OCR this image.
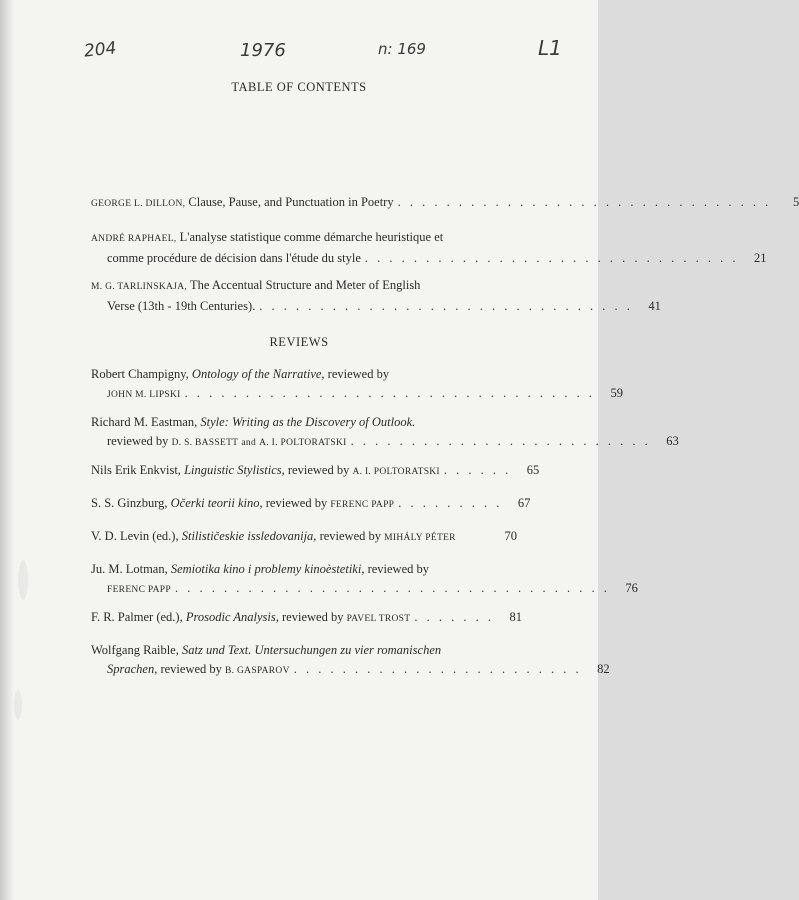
204	1976	n: 169	L1
TABLE OF CONTENTS
GEORGE L. DILLON, Clause, Pause, and Punctuation in Poetry . . . . . . . . . . . . . . . . . . . . . . . . . . . . . . .	5
ANDRÉ RAPHAEL, L'analyse statistique comme démarche heuristique et
comme procédure de décision dans l'étude du style . . . . . . . . . . . . . . . . . . . . . . . . . . . . . . .	21
M. G. TARLINSKAJA, The Accentual Structure and Meter of English
Verse (13th - 19th Centuries). . . . . . . . . . . . . . . . . . . . . . . . . . . . . . . .	41
REVIEWS
Robert Champigny, Ontology of the Narrative, reviewed by
JOHN M. LIPSKI . . . . . . . . . . . . . . . . . . . . . . . . . . . . . . . . . .	59
Richard M. Eastman, Style: Writing as the Discovery of Outlook.
reviewed by D. S. BASSETT and A. I. POLTORATSKI . . . . . . . . . . . . . . . . . . . . . . . . .	63
Nils Erik Enkvist, Linguistic Stylistics, reviewed by A. I. POLTORATSKI . . . . . .	65
S. S. Ginzburg, Očerki teorii kino, reviewed by FERENC PAPP . . . . . . . . .	67
V. D. Levin (ed.), Stilističeskie issledovanija, reviewed by MIHÁLY PÉTER	70
Ju. M. Lotman, Semiotika kino i problemy kinoèstetiki, reviewed by
FERENC PAPP . . . . . . . . . . . . . . . . . . . . . . . . . . . . . . . . . . . .	76
F. R. Palmer (ed.), Prosodic Analysis, reviewed by PAVEL TROST . . . . . . .	81
Wolfgang Raible, Satz und Text. Untersuchungen zu vier romanischen
Sprachen, reviewed by B. GASPAROV . . . . . . . . . . . . . . . . . . . . . . . .	82
